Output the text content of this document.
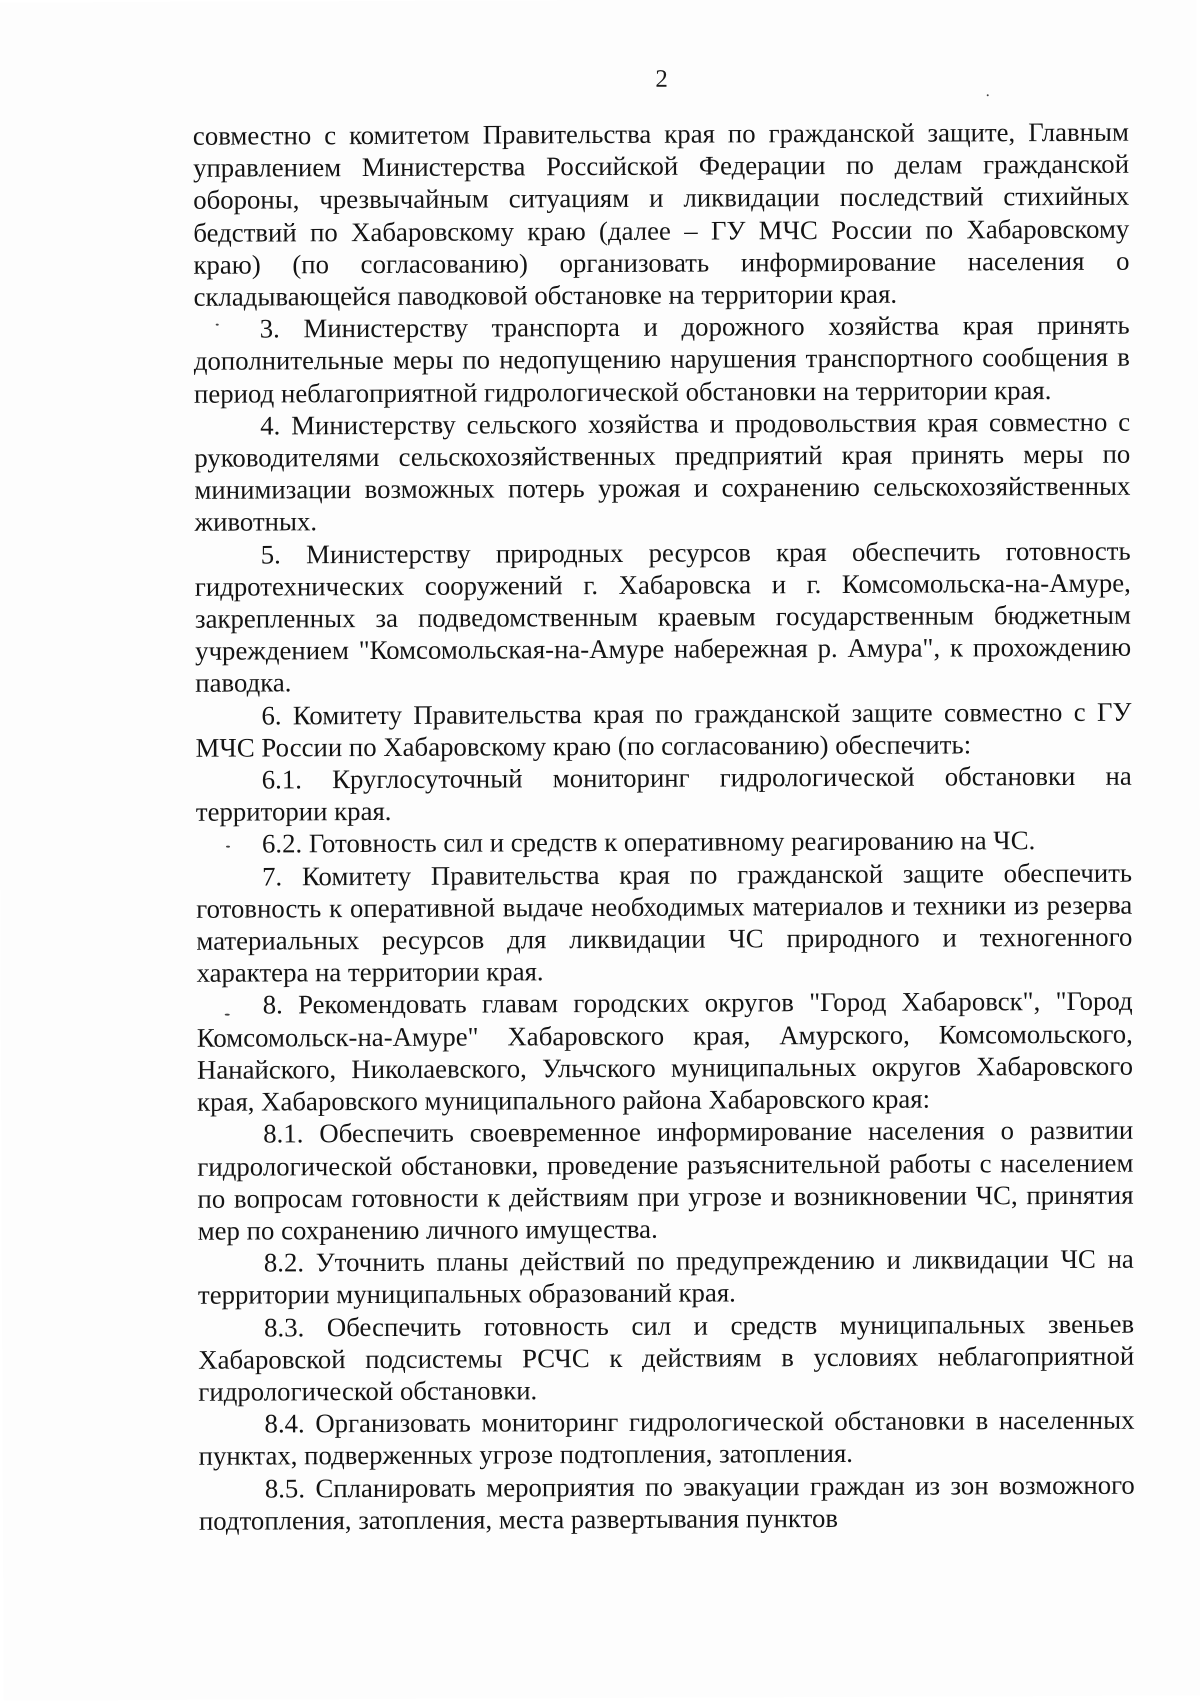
2

совместно с комитетом Правительства края по гражданской защите, Главным управлением Министерства Российской Федерации по делам гражданской обороны, чрезвычайным ситуациям и ликвидации последствий стихийных бедствий по Хабаровскому краю (далее – ГУ МЧС России по Хабаровскому краю) (по согласованию) организовать информирование населения о складывающейся паводковой обстановке на территории края.

3. Министерству транспорта и дорожного хозяйства края принять дополнительные меры по недопущению нарушения транспортного сообщения в период неблагоприятной гидрологической обстановки на территории края.

4. Министерству сельского хозяйства и продовольствия края совместно с руководителями сельскохозяйственных предприятий края принять меры по минимизации возможных потерь урожая и сохранению сельскохозяйственных животных.

5. Министерству природных ресурсов края обеспечить готовность гидротехнических сооружений г. Хабаровска и г. Комсомольска-на-Амуре, закрепленных за подведомственным краевым государственным бюджетным учреждением "Комсомольская-на-Амуре набережная р. Амура", к прохождению паводка.

6. Комитету Правительства края по гражданской защите совместно с ГУ МЧС России по Хабаровскому краю (по согласованию) обеспечить:

6.1. Круглосуточный мониторинг гидрологической обстановки на территории края.

6.2. Готовность сил и средств к оперативному реагированию на ЧС.

7. Комитету Правительства края по гражданской защите обеспечить готовность к оперативной выдаче необходимых материалов и техники из резерва материальных ресурсов для ликвидации ЧС природного и техногенного характера на территории края.

8. Рекомендовать главам городских округов "Город Хабаровск", "Город Комсомольск-на-Амуре" Хабаровского края, Амурского, Комсомольского, Нанайского, Николаевского, Ульчского муниципальных округов Хабаровского края, Хабаровского муниципального района Хабаровского края:

8.1. Обеспечить своевременное информирование населения о развитии гидрологической обстановки, проведение разъяснительной работы с населением по вопросам готовности к действиям при угрозе и возникновении ЧС, принятия мер по сохранению личного имущества.

8.2. Уточнить планы действий по предупреждению и ликвидации ЧС на территории муниципальных образований края.

8.3. Обеспечить готовность сил и средств муниципальных звеньев Хабаровской подсистемы РСЧС к действиям в условиях неблагоприятной гидрологической обстановки.

8.4. Организовать мониторинг гидрологической обстановки в населенных пунктах, подверженных угрозе подтопления, затопления.

8.5. Спланировать мероприятия по эвакуации граждан из зон возможного подтопления, затопления, места развертывания пунктов
